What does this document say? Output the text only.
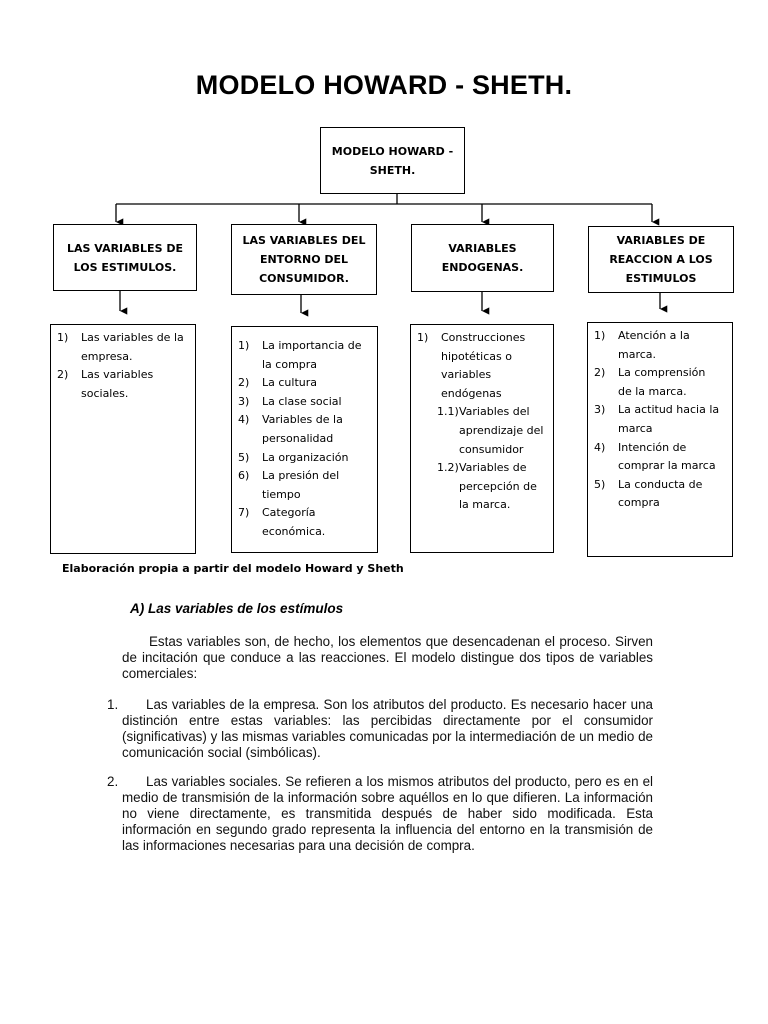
MODELO HOWARD - SHETH.
MODELO HOWARD -
SHETH.
LAS VARIABLES DE
LOS ESTIMULOS.
LAS VARIABLES DEL
ENTORNO DEL
CONSUMIDOR.
VARIABLES
ENDOGENAS.
VARIABLES DE
REACCION A LOS
ESTIMULOS
1)	Las variables de la
empresa.
2)	Las variables
sociales.
1)	La importancia de
la compra
2)	La cultura
3)	La clase social
4)	Variables de la
personalidad
5)	La organización
6)	La presión del
tiempo
7)	Categoría
económica.
1)	Construcciones
hipotéticas o
variables
endógenas
1.1) Variables del
aprendizaje del
consumidor
1.2) Variables de
percepción de
la marca.
1)	Atención a la
marca.
2)	La comprensión
de la marca.
3)	La actitud hacia la
marca
4)	Intención de
comprar la marca
5)	La conducta de
compra
Elaboración propia a partir del modelo Howard y Sheth
A) Las variables de los estímulos
Estas variables son, de hecho, los elementos que desencadenan el proceso. Sirven de incitación que conduce a las reacciones. El modelo distingue dos tipos de variables comerciales:
1. Las variables de la empresa. Son los atributos del producto. Es necesario hacer una distinción entre estas variables: las percibidas directamente por el consumidor (significativas) y las mismas variables comunicadas por la intermediación de un medio de comunicación social (simbólicas).
2. Las variables sociales. Se refieren a los mismos atributos del producto, pero es en el medio de transmisión de la información sobre aquéllos en lo que difieren. La información no viene directamente, es transmitida después de haber sido modificada. Esta información en segundo grado representa la influencia del entorno en la transmisión de las informaciones necesarias para una decisión de compra.
